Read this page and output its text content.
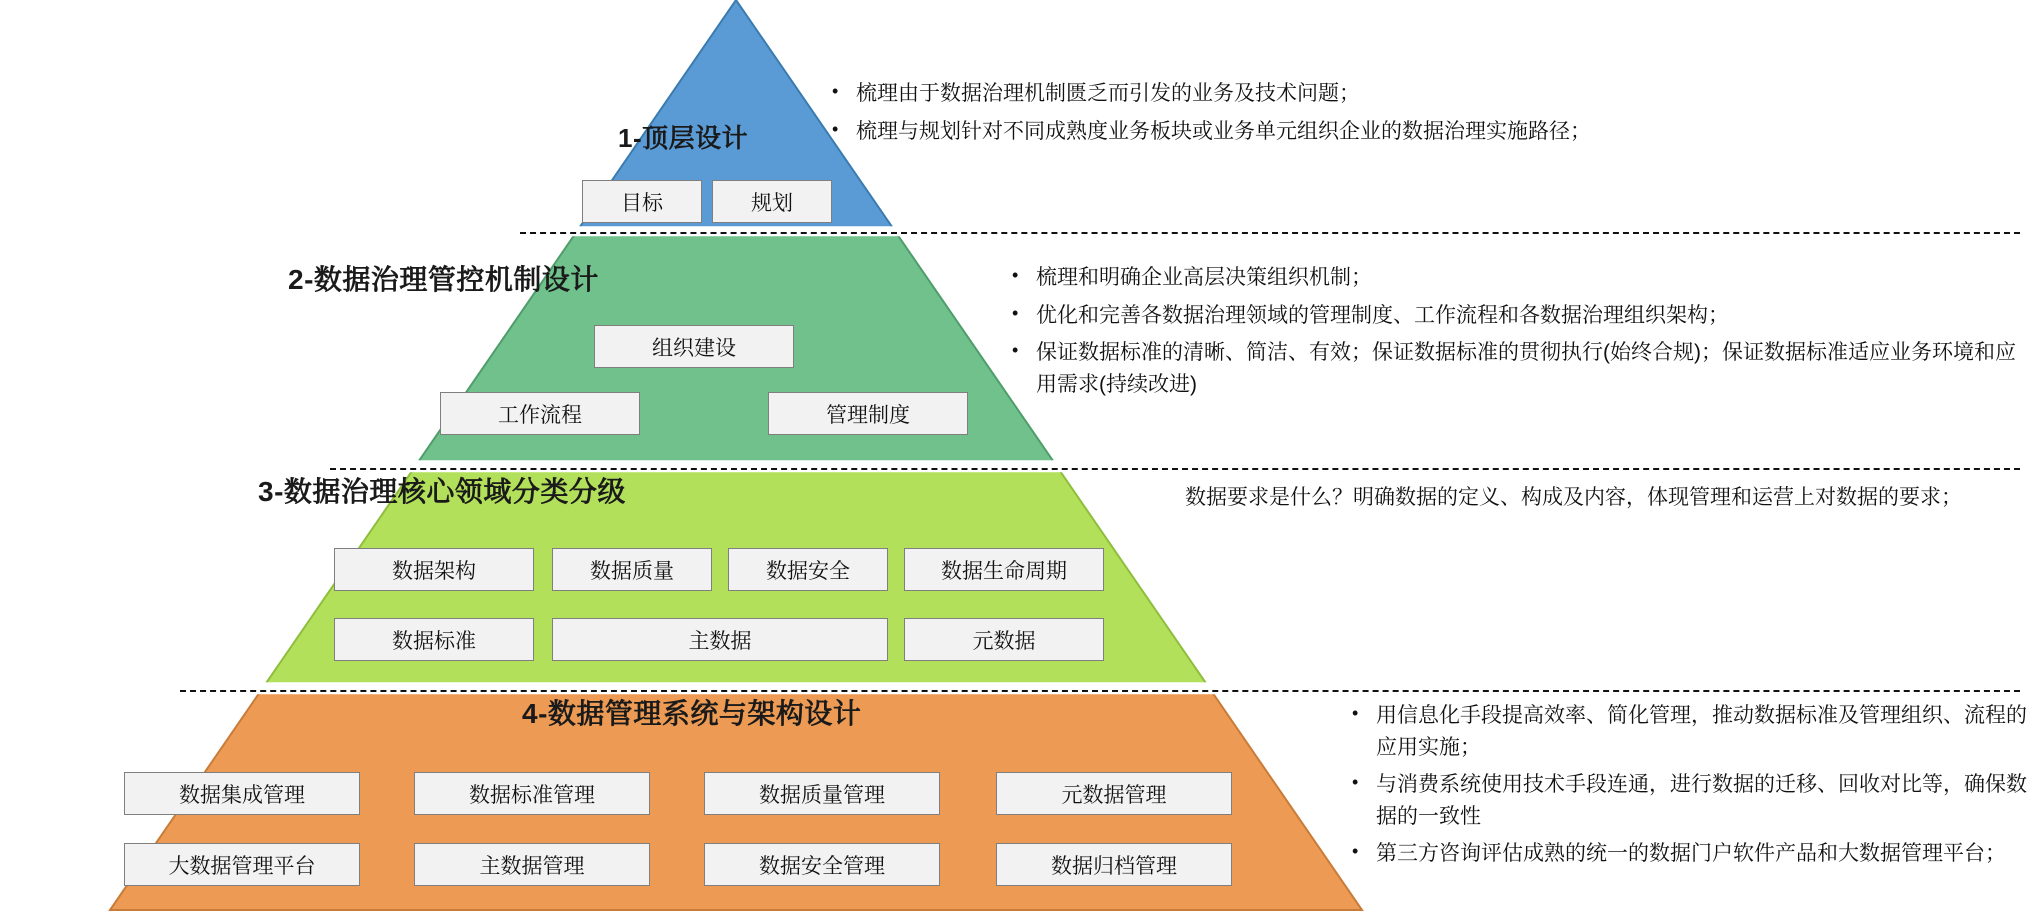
1-顶层设计
2-数据治理管控机制设计
3-数据治理核心领域分类分级
4-数据管理系统与架构设计
目标	规划
组织建设
工作流程	管理制度
数据架构	数据质量	数据安全	数据生命周期
数据标准	主数据	元数据
数据集成管理	数据标准管理	数据质量管理	元数据管理
大数据管理平台	主数据管理	数据安全管理	数据归档管理
• 梳理由于数据治理机制匮乏而引发的业务及技术问题；
• 梳理与规划针对不同成熟度业务板块或业务单元组织企业的数据治理实施路径；
• 梳理和明确企业高层决策组织机制；
• 优化和完善各数据治理领域的管理制度、工作流程和各数据治理组织架构；
• 保证数据标准的清晰、简洁、有效；保证数据标准的贯彻执行(始终合规)；保证数据标准适应业务环境和应用需求(持续改进)

数据要求是什么？明确数据的定义、构成及内容，体现管理和运营上对数据的要求；

• 用信息化手段提高效率、简化管理，推动数据标准及管理组织、流程的应用实施；
• 与消费系统使用技术手段连通，进行数据的迁移、回收对比等，确保数据的一致性
• 第三方咨询评估成熟的统一的数据门户软件产品和大数据管理平台；
